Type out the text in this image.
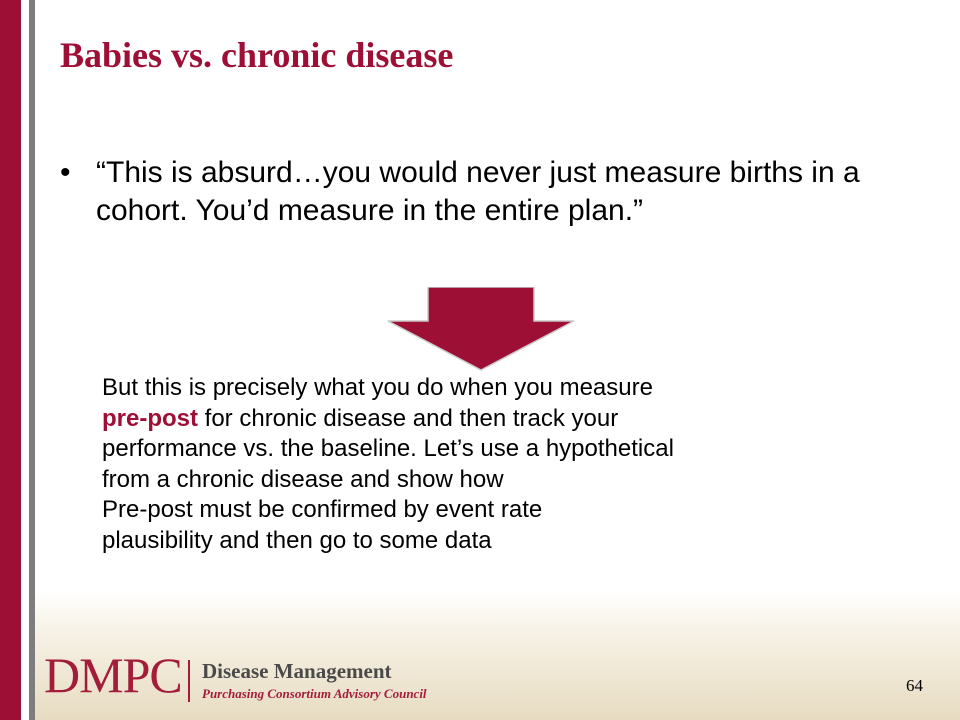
Babies vs. chronic disease
• “This is absurd…you would never just measure births in a cohort. You’d measure in the entire plan.”
But this is precisely what you do when you measure
pre-post for chronic disease and then track your
performance vs. the baseline. Let’s use a hypothetical
from a chronic disease and show how
Pre-post must be confirmed by event rate
plausibility and then go to some data
DMPC Disease Management
Purchasing Consortium Advisory Council	64
